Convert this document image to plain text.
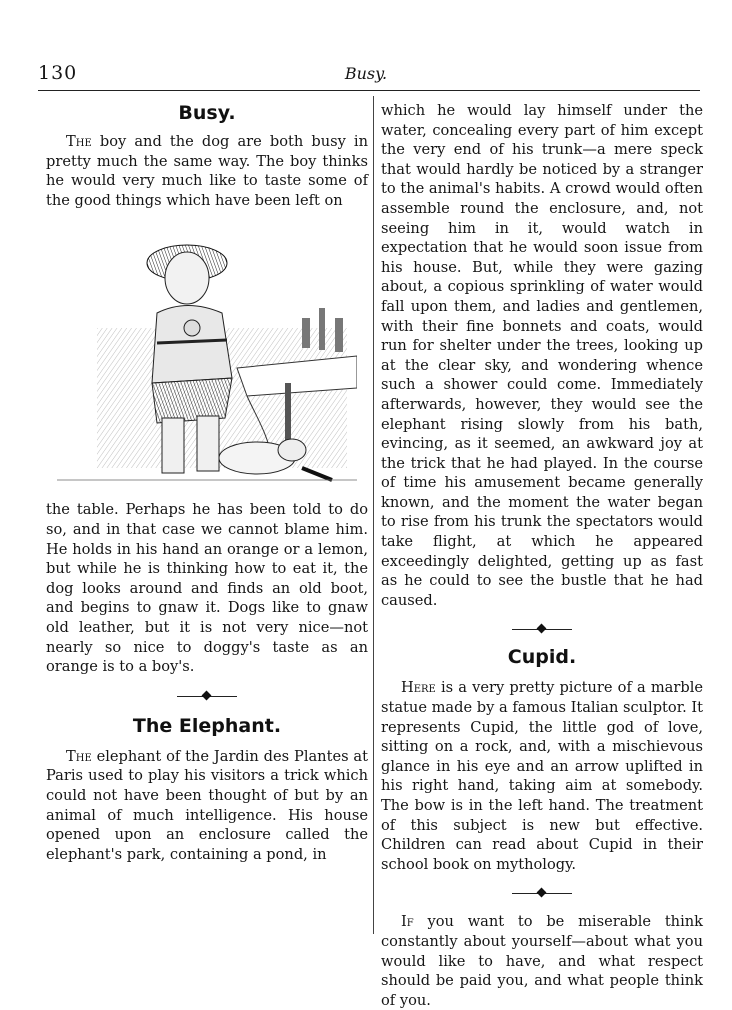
130	Busy.
Busy.

The boy and the dog are both busy in pretty much the same way. The boy thinks he would very much like to taste some of the good things which have been left on

the table. Perhaps he has been told to do so, and in that case we cannot blame him. He holds in his hand an orange or a lemon, but while he is thinking how to eat it, the dog looks around and finds an old boot, and begins to gnaw it. Dogs like to gnaw old leather, but it is not very nice—not nearly so nice to doggy's taste as an orange is to a boy's.

The Elephant.

The elephant of the Jardin des Plantes at Paris used to play his visitors a trick which could not have been thought of but by an animal of much intelligence. His house opened upon an enclosure called the elephant's park, containing a pond, in

which he would lay himself under the water, concealing every part of him except the very end of his trunk—a mere speck that would hardly be noticed by a stranger to the animal's habits. A crowd would often assemble round the enclosure, and, not seeing him in it, would watch in expectation that he would soon issue from his house. But, while they were gazing about, a copious sprinkling of water would fall upon them, and ladies and gentlemen, with their fine bonnets and coats, would run for shelter under the trees, looking up at the clear sky, and wondering whence such a shower could come. Immediately afterwards, however, they would see the elephant rising slowly from his bath, evincing, as it seemed, an awkward joy at the trick that he had played. In the course of time his amusement became generally known, and the moment the water began to rise from his trunk the spectators would take flight, at which he appeared exceedingly delighted, getting up as fast as he could to see the bustle that he had caused.

Cupid.

Here is a very pretty picture of a marble statue made by a famous Italian sculptor. It represents Cupid, the little god of love, sitting on a rock, and, with a mischievous glance in his eye and an arrow uplifted in his right hand, taking aim at somebody. The bow is in the left hand. The treatment of this subject is new but effective. Children can read about Cupid in their school book on mythology.

If you want to be miserable think constantly about yourself—about what you would like to have, and what respect should be paid you, and what people think of you.
